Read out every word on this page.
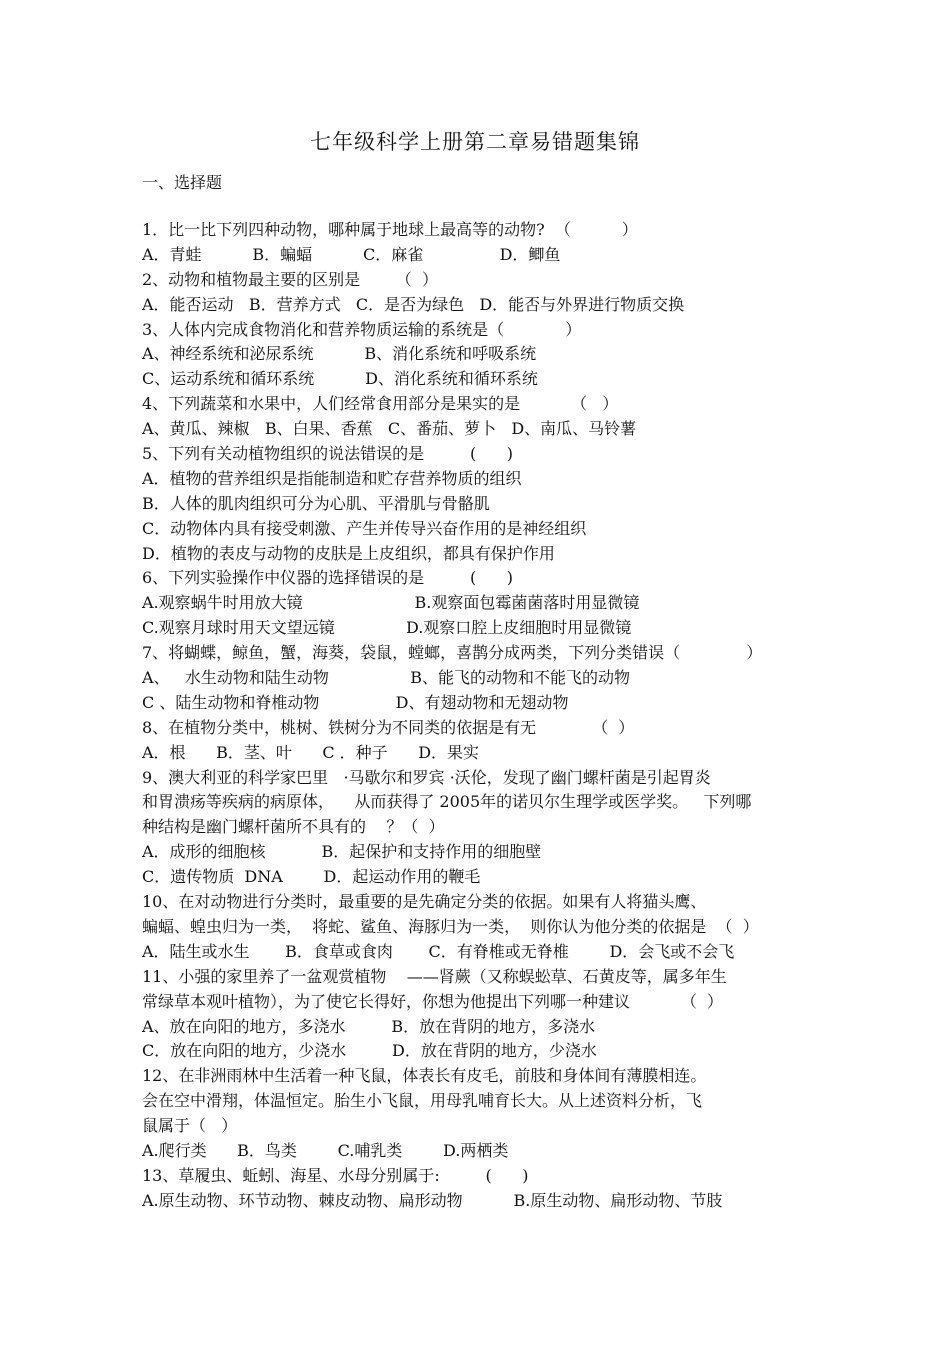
七年级科学上册第二章易错题集锦
一、选择题
1．比一比下列四种动物，哪种属于地球上最高等的动物?  （          ）
A．青蛙          B．蝙蝠          C．麻雀               D．鲫鱼
2、动物和植物最主要的区别是       （  ）
A．能否运动   B．营养方式   C．是否为绿色   D．能否与外界进行物质交换
3、人体内完成食物消化和营养物质运输的系统是（            ）
A、神经系统和泌尿系统          B、消化系统和呼吸系统
C、运动系统和循环系统          D、消化系统和循环系统
4、下列蔬菜和水果中，人们经常食用部分是果实的是          （   ）
A、黄瓜、辣椒   B、白果、香蕉   C、番茄、萝卜   D、南瓜、马铃薯
5、下列有关动植物组织的说法错误的是         (      )
A．植物的营养组织是指能制造和贮存营养物质的组织
B．人体的肌肉组织可分为心肌、平滑肌与骨骼肌
C．动物体内具有接受刺激、产生并传导兴奋作用的是神经组织
D．植物的表皮与动物的皮肤是上皮组织，都具有保护作用
6、下列实验操作中仪器的选择错误的是         (      )
A.观察蜗牛时用放大镜                      B.观察面包霉菌菌落时用显微镜
C.观察月球时用天文望远镜              D.观察口腔上皮细胞时用显微镜
7、将蝴蝶，鲸鱼，蟹，海葵，袋鼠，螳螂，喜鹊分成两类，下列分类错误（             ）
A、   水生动物和陆生动物                B、能飞的动物和不能飞的动物
C 、陆生动物和脊椎动物               D、有翅动物和无翅动物
8、在植物分类中，桃树、铁树分为不同类的依据是有无           （  ）
A．根      B．茎、叶      C ．种子      D．果实
9、澳大利亚的科学家巴里   ·马歇尔和罗宾 ·沃伦，发现了幽门螺杆菌是引起胃炎
和胃溃疡等疾病的病原体，    从而获得了 2005年的诺贝尔生理学或医学奖。   下列哪
种结构是幽门螺杆菌所不具有的    ？（  ）
A．成形的细胞核           B．起保护和支持作用的细胞壁
C．遗传物质  DNA        D．起运动作用的鞭毛
10、在对动物进行分类时，最重要的是先确定分类的依据。如果有人将猫头鹰、
蝙蝠、蝗虫归为一类，  将蛇、鲨鱼、海豚归为一类，  则你认为他分类的依据是  （  ）
A．陆生或水生       B．食草或食肉       C．有脊椎或无脊椎        D．会飞或不会飞
11、小强的家里养了一盆观赏植物    ——肾蕨（又称蜈蚣草、石黄皮等，属多年生
常绿草本观叶植物），为了使它长得好，你想为他提出下列哪一种建议          （  ）
A、放在向阳的地方，多浇水         B．放在背阴的地方，多浇水
C．放在向阳的地方，少浇水         D．放在背阴的地方，少浇水
12、在非洲雨林中生活着一种飞鼠，体表长有皮毛，前肢和身体间有薄膜相连。
会在空中滑翔，体温恒定。胎生小飞鼠，用母乳哺育长大。从上述资料分析，飞
鼠属于（   ）
A.爬行类      B．鸟类        C.哺乳类        D.两栖类
13、草履虫、蚯蚓、海星、水母分别属于:         (      )
A.原生动物、环节动物、棘皮动物、扁形动物          B.原生动物、扁形动物、节肢
